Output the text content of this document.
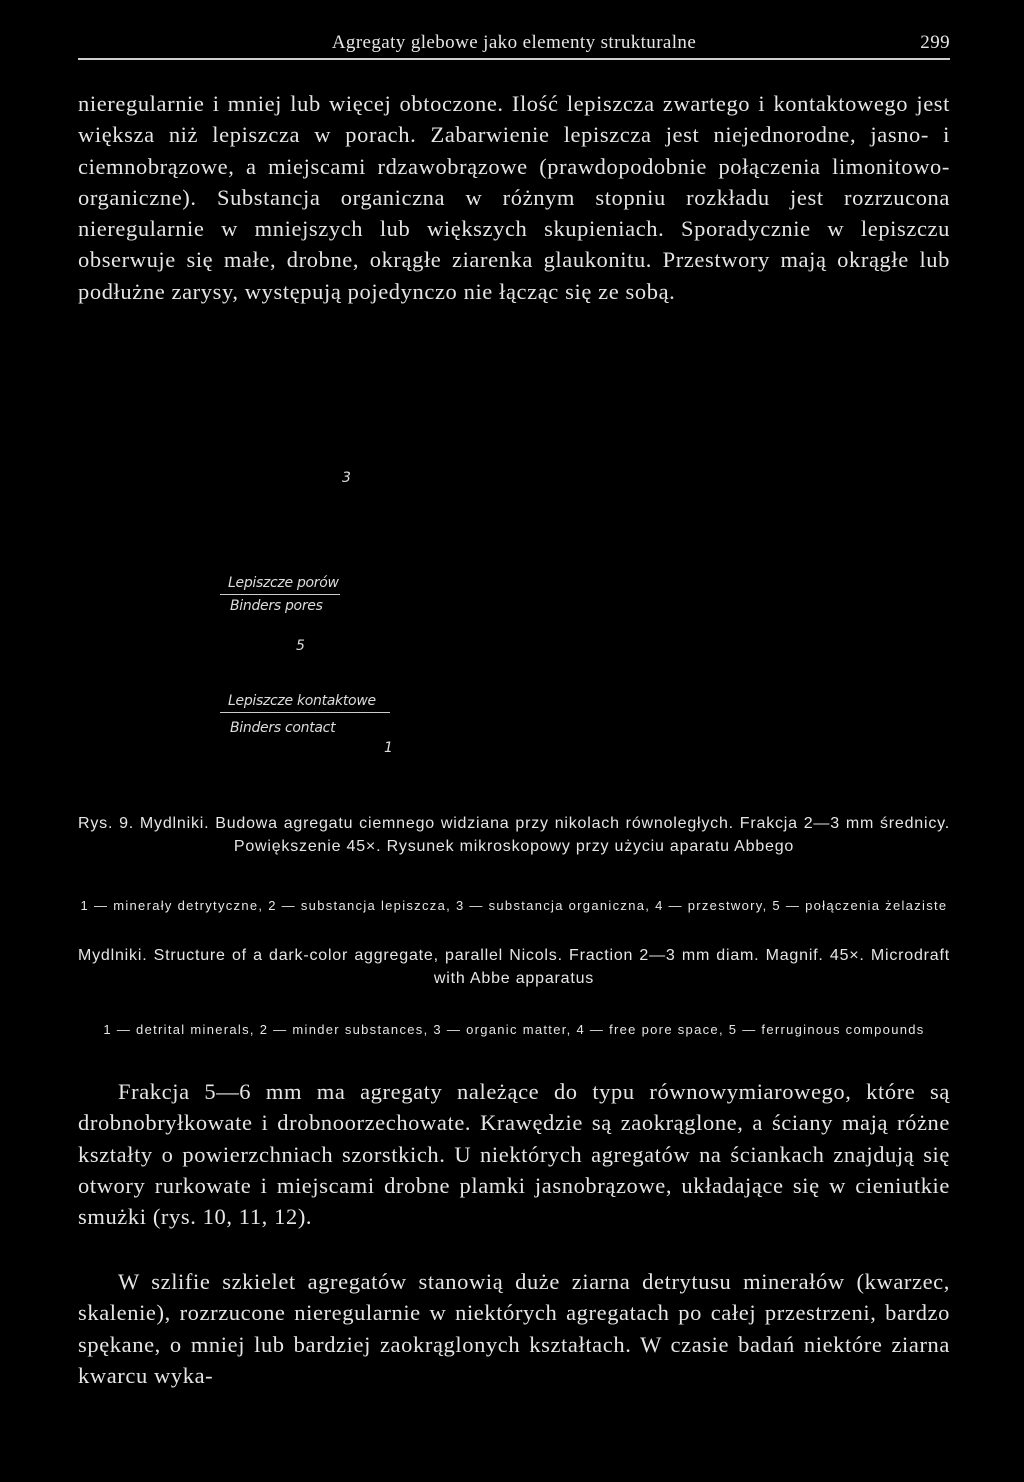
Agregaty glebowe jako elementy strukturalne	299

nieregularnie i mniej lub więcej obtoczone. Ilość lepiszcza zwartego i kontaktowego jest większa niż lepiszcza w porach. Zabarwienie lepiszcza jest niejednorodne, jasno- i ciemnobrązowe, a miejscami rdzawobrązowe (prawdopodobnie połączenia limonitowo-organiczne). Substancja organiczna w różnym stopniu rozkładu jest rozrzucona nieregularnie w mniejszych lub większych skupieniach. Sporadycznie w lepiszczu obserwuje się małe, drobne, okrągłe ziarenka glaukonitu. Przestwory mają okrągłe lub podłużne zarysy, występują pojedynczo nie łącząc się ze sobą.

3
Lepiszcze porów
Binders pores
5
Lepiszcze kontaktowe
Binders contact
1

Rys. 9. Mydlniki. Budowa agregatu ciemnego widziana przy nikolach równoległych. Frakcja 2—3 mm średnicy. Powiększenie 45×. Rysunek mikroskopowy przy użyciu aparatu Abbego

1 — minerały detrytyczne, 2 — substancja lepiszcza, 3 — substancja organiczna, 4 — przestwory, 5 — połączenia żelaziste

Mydlniki. Structure of a dark-color aggregate, parallel Nicols. Fraction 2—3 mm diam. Magnif. 45×. Microdraft with Abbe apparatus

1 — detrital minerals, 2 — minder substances, 3 — organic matter, 4 — free pore space, 5 — ferruginous compounds

Frakcja 5—6 mm ma agregaty należące do typu równowymiarowego, które są drobnobryłkowate i drobnoorzechowate. Krawędzie są zaokrąglone, a ściany mają różne kształty o powierzchniach szorstkich. U niektórych agregatów na ściankach znajdują się otwory rurkowate i miejscami drobne plamki jasnobrązowe, układające się w cieniutkie smużki (rys. 10, 11, 12).

W szlifie szkielet agregatów stanowią duże ziarna detrytusu minerałów (kwarzec, skalenie), rozrzucone nieregularnie w niektórych agregatach po całej przestrzeni, bardzo spękane, o mniej lub bardziej zaokrąglonych kształtach. W czasie badań niektóre ziarna kwarcu wyka-
